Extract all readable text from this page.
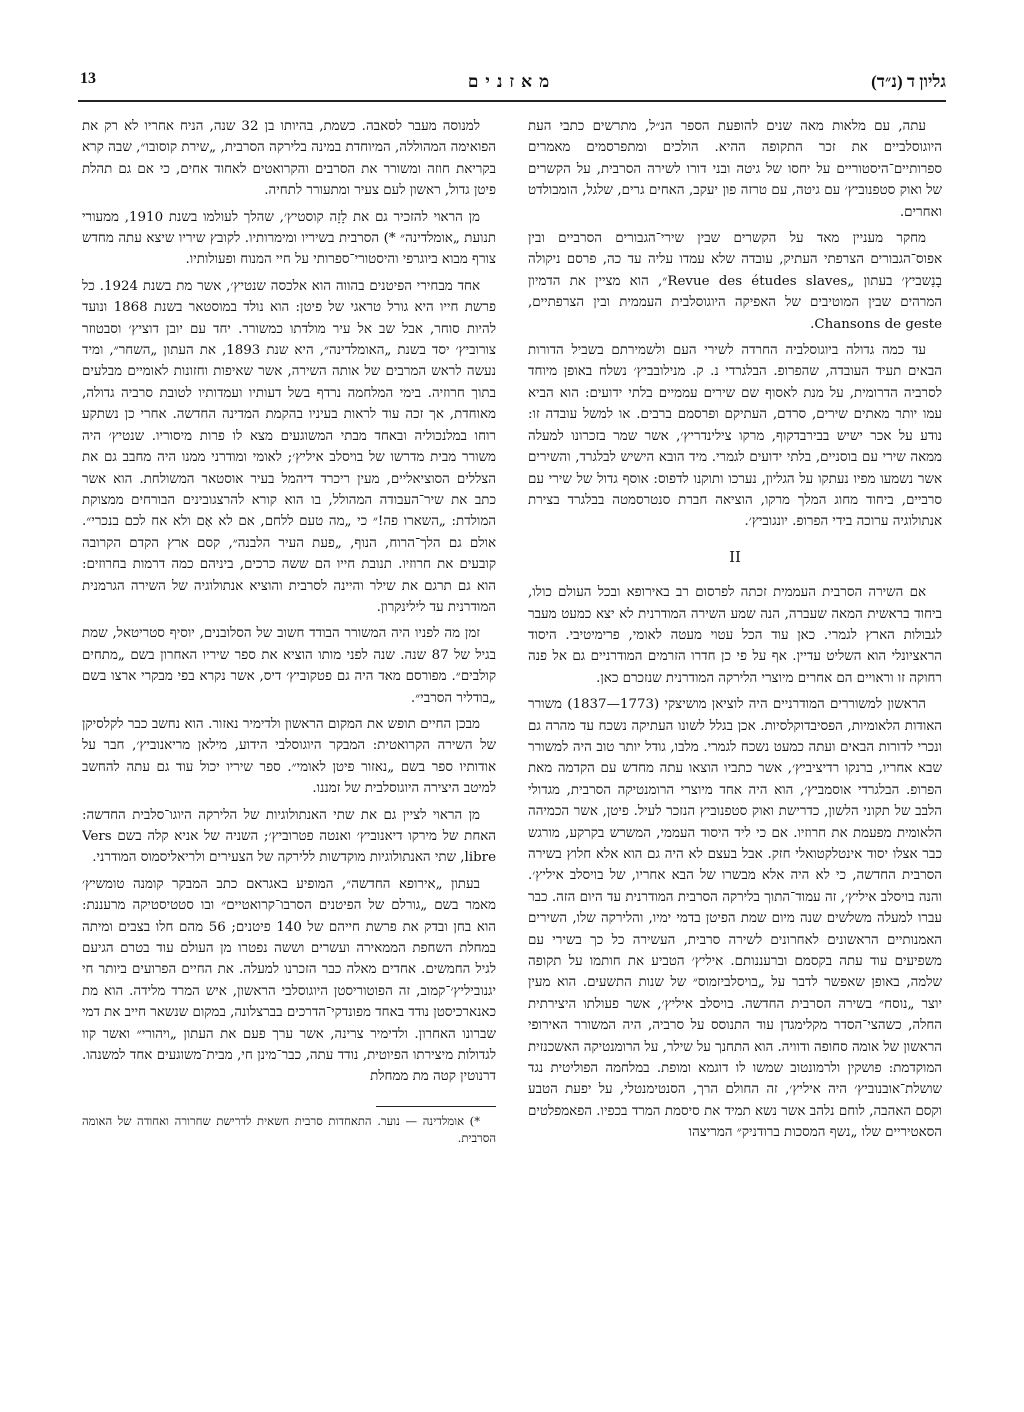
גליון ד (נ״ד)
מאזנים
13

עתה, עם מלאות מאה שנים להופעת הספר הנ״ל, מתרשים כתבי העת היוגוסלביים את זכר התקופה ההיא. הולכים ומתפרסמים מאמרים ספרותיים־היסטוריים על יחסו של גיטה ובני דורו לשירה הסרבית, על הקשרים של ואוק סטפנוביץ׳ עם גיטה, עם טרזה פון יעקב, האחים גרים, שלגל, הומבולדט ואחרים.

מחקר מעניין מאד על הקשרים שבין שירי־הגבורים הסרביים ובין אפוס־הגבורים הצרפתי העתיק, עובדה שלא עמדו עליה עד כה, פרסם ניקולה בָנַשביץ׳ בעתון „Revue des études slaves״, הוא מציין את הדמיון המרהים שבין המוטיבים של האפיקה היוגוסלבית העממית ובין הצרפתיים, Chansons de geste.

עד כמה גדולה ביוגוסלביה החרדה לשירי העם ולשמירתם בשביל הדורות הבאים תעיד העובדה, שהפרופ. הבלגרדי נ. ק. מנילובביץ׳ נשלח באופן מיוחד לסרביה הדרומית, על מנת לאסוף שם שירים עממיים בלתי ידועים: הוא הביא עמו יותר מאתים שירים, סרדם, העתיקם ופרסמם ברבים. או למשל עובדה זו: נודע על אכר ישיש בבירבדקוף, מרקו צילינדריץ׳, אשר שמר בזכרונו למעלה ממאה שירי עם בוסניים, בלתי ידועים לגמרי. מיד הובא הישיש לבלגרד, והשירים אשר נשמעו מפיו נעתקו על הגליון, נערכו ותוקנו לדפוס: אוסף גדול של שירי עם סרביים, ביחוד מחוג המלך מרקו, הוציאה חברת סנטרסמטה בבלגרד בצירת אנתולוגיה ערוכה בידי הפרופ. יונגוביץ׳.

II

אם השירה הסרבית העממית זכתה לפרסום רב באירופא ובכל העולם כולו, ביחוד בראשית המאה שעברה, הנה שמע השירה המודרנית לא יצא כמעט מעבר לגבולות הארץ לגמרי. כאן עוד הכל עטוי מעטה לאומי, פרימיטיבי. היסוד הראציונלי הוא השליט עדיין. אף על פי כן חדרו הזרמים המודרניים גם אל פנה רחוקה זו וראויים הם אחרים מיוצרי הלירקה המודרנית שנזכרם כאן.

הראשון למשוררים המודרניים היה לוציאן מושיצקי (1773—1837) משורר האודות הלאומיות, הפסיבדוקלסיות. אכן בגלל לשונו העתיקה נשכח עד מהרה גם ונכרי לדורות הבאים ועתה כמעט נשכח לגמרי. מלבו, גודל יותר טוב היה למשורר שבא אחריו, ברנקו רדיציביץ׳, אשר כתביו הוצאו עתה מחדש עם הקדמה מאת הפרופ. הבלגרדי אוסמביץ׳, הוא היה אחד מיוצרי הרומנטיקה הסרבית, מגדולי הלבב של תקוני הלשון, כדרישת ואוק סטפנוביץ הנזכר לעיל. פיטן, אשר הכמיהה הלאומית מפעמת את חרוזיו. אם כי ליד היסוד העממי, המשרש בקרקע, מורגש כבר אצלו יסוד אינטלקטואלי חזק. אבל בעצם לא היה גם הוא אלא חלוץ בשירה הסרבית החדשה, כי לא היה אלא מבשרו של הבא אחריו, של בויסלב איליץ׳. והנה בויסלב איליץ׳, זה עמוד־התוך בלירקה הסרבית המודרנית עד היום הזה. כבר עברו למעלה משלשים שנה מיום שמת הפיטן בדמי ימיו, והלירקה שלו, השירים האמנותיים הראשונים לאחרונים לשירה סרבית, העשירה כל כך בשירי עם משפיעים עוד עתה בקסמם וברעננותם. איליץ׳ הטביע את חותמו על תקופה שלמה, באופן שאפשר לדבר על „בויסלביזמוס״ של שנות התשעים. הוא מעין יוצר „נוסח״ בשירה הסרבית החדשה. בויסלב איליץ׳, אשר פעולתו היצירתית החלה, כשהצי־הסדר מקלימגדן עוד התנוסס על סרביה, היה המשורר האירופי הראשון של אומה סחופה ודוויה. הוא התחנך על שילר, על הרומנטיקה האשכנזית המוקדמת: פושקין ולרמונטוב שמשו לו דוגמא ומופת. במלחמה הפוליטית נגד שושלת־אובנוביץ׳ היה איליץ׳, זה החולם הרך, הסנטימנטלי, על יפעת הטבע וקסם האהבה, לוחם נלהב אשר נשא תמיד את סיסמת המרד בכפיו. הפאמפלטים הסאטיריים שלו „נשף המסכות ברודניק״ המריצהו

למנוסה מעבר לסאבה. כשמת, בהיותו בן 32 שנה, הניח אחריו לא רק את הפואימה המהוללה, המיוחדת במינה בלירקה הסרבית, „שירת קוסובו״, שבה קרא בקריאת חוזה ומשורר את הסרבים והקרואטים לאחוד אחים, כי אם גם תהלת פיטן גדול, ראשון לעם צעיר ומתעורר לתחיה.

מן הראוי להזכיר גם את לָזָה קוסטיץ׳, שהלך לעולמו בשנת 1910, ממעורי תנועת „אומלדינה״ *) הסרבית בשיריו ומימרותיו. לקובץ שיריו שיצא עתה מחדש צורף מבוא ביוגרפי והיסטורי־ספרותי על חיי המנוח ופעולותיו.

אחד מבחירי הפיטנים בהווה הוא אלכסה שנטיץ׳, אשר מת בשנת 1924. כל פרשת חייו היא גורל טראגי של פיטן: הוא נולד במוסטאר בשנת 1868 ונועד להיות סוחר, אבל שב אל עיר מולדתו כמשורר. יחד עם יובן דוציץ׳ וסבטוזר צורוביץ׳ יסד בשנת „האומלדינה״, היא שנת 1893, את העתון „השחר״, ומיד נעשה לראש המרבים של אותה השירה, אשר שאיפות וחזונות לאומיים מבלעים בתוך חרוזיה. בימי המלחמה נרדף בשל דעותיו ועמדותיו לטובת סרביה גדולה, מאוחדת, אך זכה עוד לראות בעיניו בהקמת המדינה החדשה. אחרי כן נשתקע רוחו במלנכוליה ובאחד מבתי המשוגעים מצא לו פרות מיסוריו. שנטיץ׳ היה משורר מבית מדרשו של בויסלב איליץ׳; לאומי ומודרני ממנו היה מחבב גם את הצללים הסוציאליים, מעין ריכרד דיהמל בעיר אוסטאר המשולחת. הוא אשר כתב את שיר־העבודה המהולל, בו הוא קורא להרצגובינים הבורחים ממצוקת המולדת: „השארו פה!״ כי „מה טעם ללחם, אם לא אָם ולא אח לכם בנכרי״. אולם גם הלך־הרוח, הנוף, „פעת העיר הלבנה״, קסם ארץ הקדם הקרובה קובעים את חרוזיו. תנובת חייו הם ששה כרכים, ביניהם כמה דרמות בחרוזים: הוא גם תרגם את שילר והיינה לסרבית והוציא אנתולוגיה של השירה הגרמנית המודרנית עד לילינקרון.

זמן מה לפניו היה המשורר הבודד חשוב של הסלובנים, יוסיף סטריטאל, שמת בגיל של 87 שנה. שנה לפני מותו הוציא את ספר שיריו האחרון בשם „מתחים קולבים״. מפורסם מאד היה גם פטקוביץ׳ דיס, אשר נקרא בפי מבקרי ארצו בשם „בודליר הסרבי״.

מבכן החיים תופש את המקום הראשון ולדימיר נאזור. הוא נחשב כבר לקלסיקן של השירה הקרואטית: המבקר היוגוסלבי הידוע, מילאן מריאנוביץ׳, חבר על אודותיו ספר בשם „נאזור פיטן לאומי״. ספר שיריו יכול עוד גם עתה להחשב למיטב היצירה היוגוסלבית של זמננו.

מן הראוי לציין גם את שתי האנתולוגיות של הלירקה היוגו־סלבית החדשה: האחת של מירקו דיאנוביץ׳ ואנטה פטרוביץ׳; השניה של אניא קלה בשם Vers libre, שתי האנתולוגיות מוקדשות ללירקה של הצעירים ולריאליסמוס המודרני.

בעתון „אירופא החדשה״, המופיע באגראם כתב המבקר קומנה טומשיץ׳ מאמר בשם „גורלם של הפיטנים הסרבו־קרואטיים״ ובו סטטיסטיקה מרעננת: הוא בחן ובדק את פרשת חייהם של 140 פיטנים; 56 מהם חלו בצבים ומיתה במחלת השחפת הממאירה ועשרים וששה נפטרו מן העולם עוד בטרם הגיעם לגיל החמשים. אחדים מאלה כבר הזכרנו למעלה. את החיים הפרועים ביותר חי יגנוביליץ׳־קמוב, זה הפוטוריסטן היוגוסלבי הראשון, איש המרד מלידה. הוא מת כאנארכיסטן נודד באחד מפונדקי־הדרכים בברצלונה, במקום שנשאר חייב את דמי שברונו האחרון. ולדימיר צרינה, אשר ערך פעם את העתון „ויהורי״ ואשר קוו לגדולות מיצירתו הפיוטית, נודד עתה, כבר־מינן חי, מבית־משוגעים אחד למשנהו. דרנוטין קטה מת ממחלת

*) אומלדינה — נוער. התאחדות סרבית חשאית לדרישת שחרורה ואחודה של האומה הסרבית.
